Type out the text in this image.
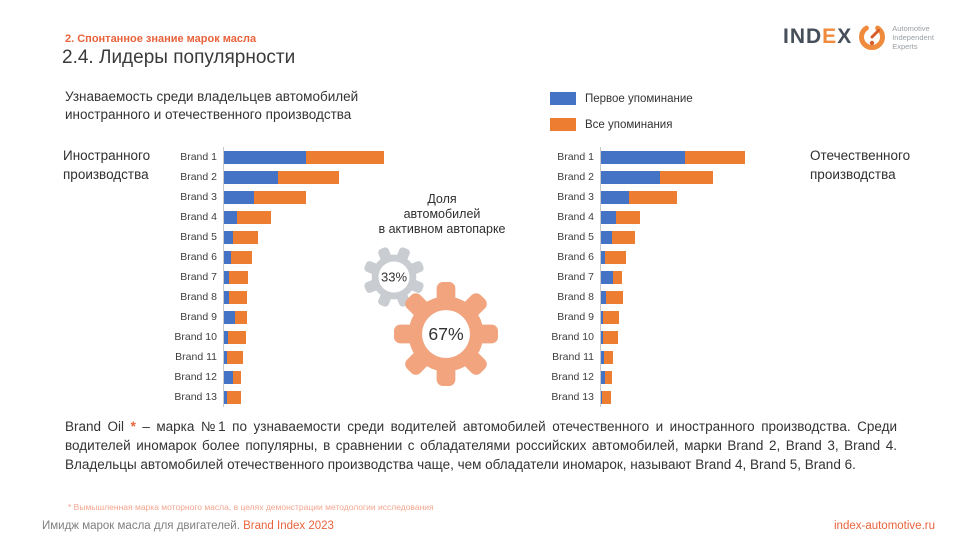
2. Спонтанное знание марок масла
2.4. Лидеры популярности
Узнаваемость среди владельцев автомобилей иностранного и отечественного производства
INDEX	Automotive
Independent
Experts
Первое упоминание
Все упоминания
Иностранного производства
Отечественного производства
Brand 1
Brand 2
Brand 3
Brand 4
Brand 5
Brand 6
Brand 7
Brand 8
Brand 9
Brand 10
Brand 11
Brand 12
Brand 13
Brand 1
Brand 2
Brand 3
Brand 4
Brand 5
Brand 6
Brand 7
Brand 8
Brand 9
Brand 10
Brand 11
Brand 12
Brand 13
Доля
автомобилей
в активном автопарке
33%
67%
Brand Oil * – марка №1 по узнаваемости среди водителей автомобилей отечественного и иностранного производства. Среди водителей иномарок более популярны, в сравнении с обладателями российских автомобилей, марки Brand 2, Brand 3, Brand 4. Владельцы автомобилей отечественного производства чаще, чем обладатели иномарок, называют Brand 4, Brand 5, Brand 6.
* Вымышленная марка моторного масла, в целях демонстрации методологии исследования
Имидж марок масла для двигателей. Brand Index 2023	index-automotive.ru
